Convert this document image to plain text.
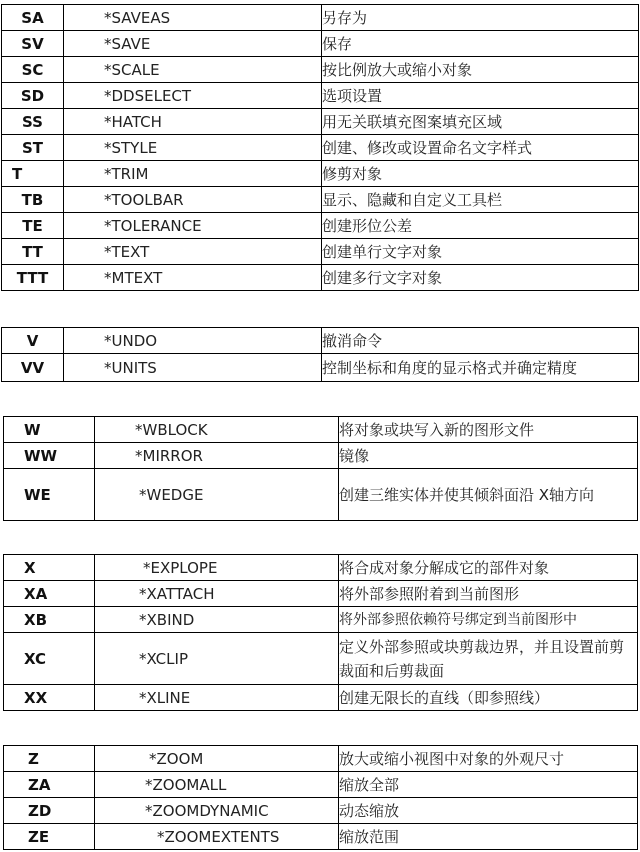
SA	*SAVEAS	另存为
SV	*SAVE	保存
SC	*SCALE	按比例放大或缩小对象
SD	*DDSELECT	选项设置
SS	*HATCH	用无关联填充图案填充区域
ST	*STYLE	创建、修改或设置命名文字样式
T	*TRIM	修剪对象
TB	*TOOLBAR	显示、隐藏和自定义工具栏
TE	*TOLERANCE	创建形位公差
TT	*TEXT	创建单行文字对象
TTT	*MTEXT	创建多行文字对象
V	*UNDO	撤消命令
VV	*UNITS	控制坐标和角度的显示格式并确定精度
W	*WBLOCK	将对象或块写入新的图形文件
WW	*MIRROR	镜像
WE	*WEDGE	创建三维实体并使其倾斜面沿 X轴方向
X	*EXPLOPE	将合成对象分解成它的部件对象
XA	*XATTACH	将外部参照附着到当前图形
XB	*XBIND	将外部参照依赖符号绑定到当前图形中
XC	*XCLIP	定义外部参照或块剪裁边界，并且设置前剪裁面和后剪裁面
XX	*XLINE	创建无限长的直线（即参照线）
Z	*ZOOM	放大或缩小视图中对象的外观尺寸
ZA	*ZOOMALL	缩放全部
ZD	*ZOOMDYNAMIC	动态缩放
ZE	*ZOOMEXTENTS	缩放范围
